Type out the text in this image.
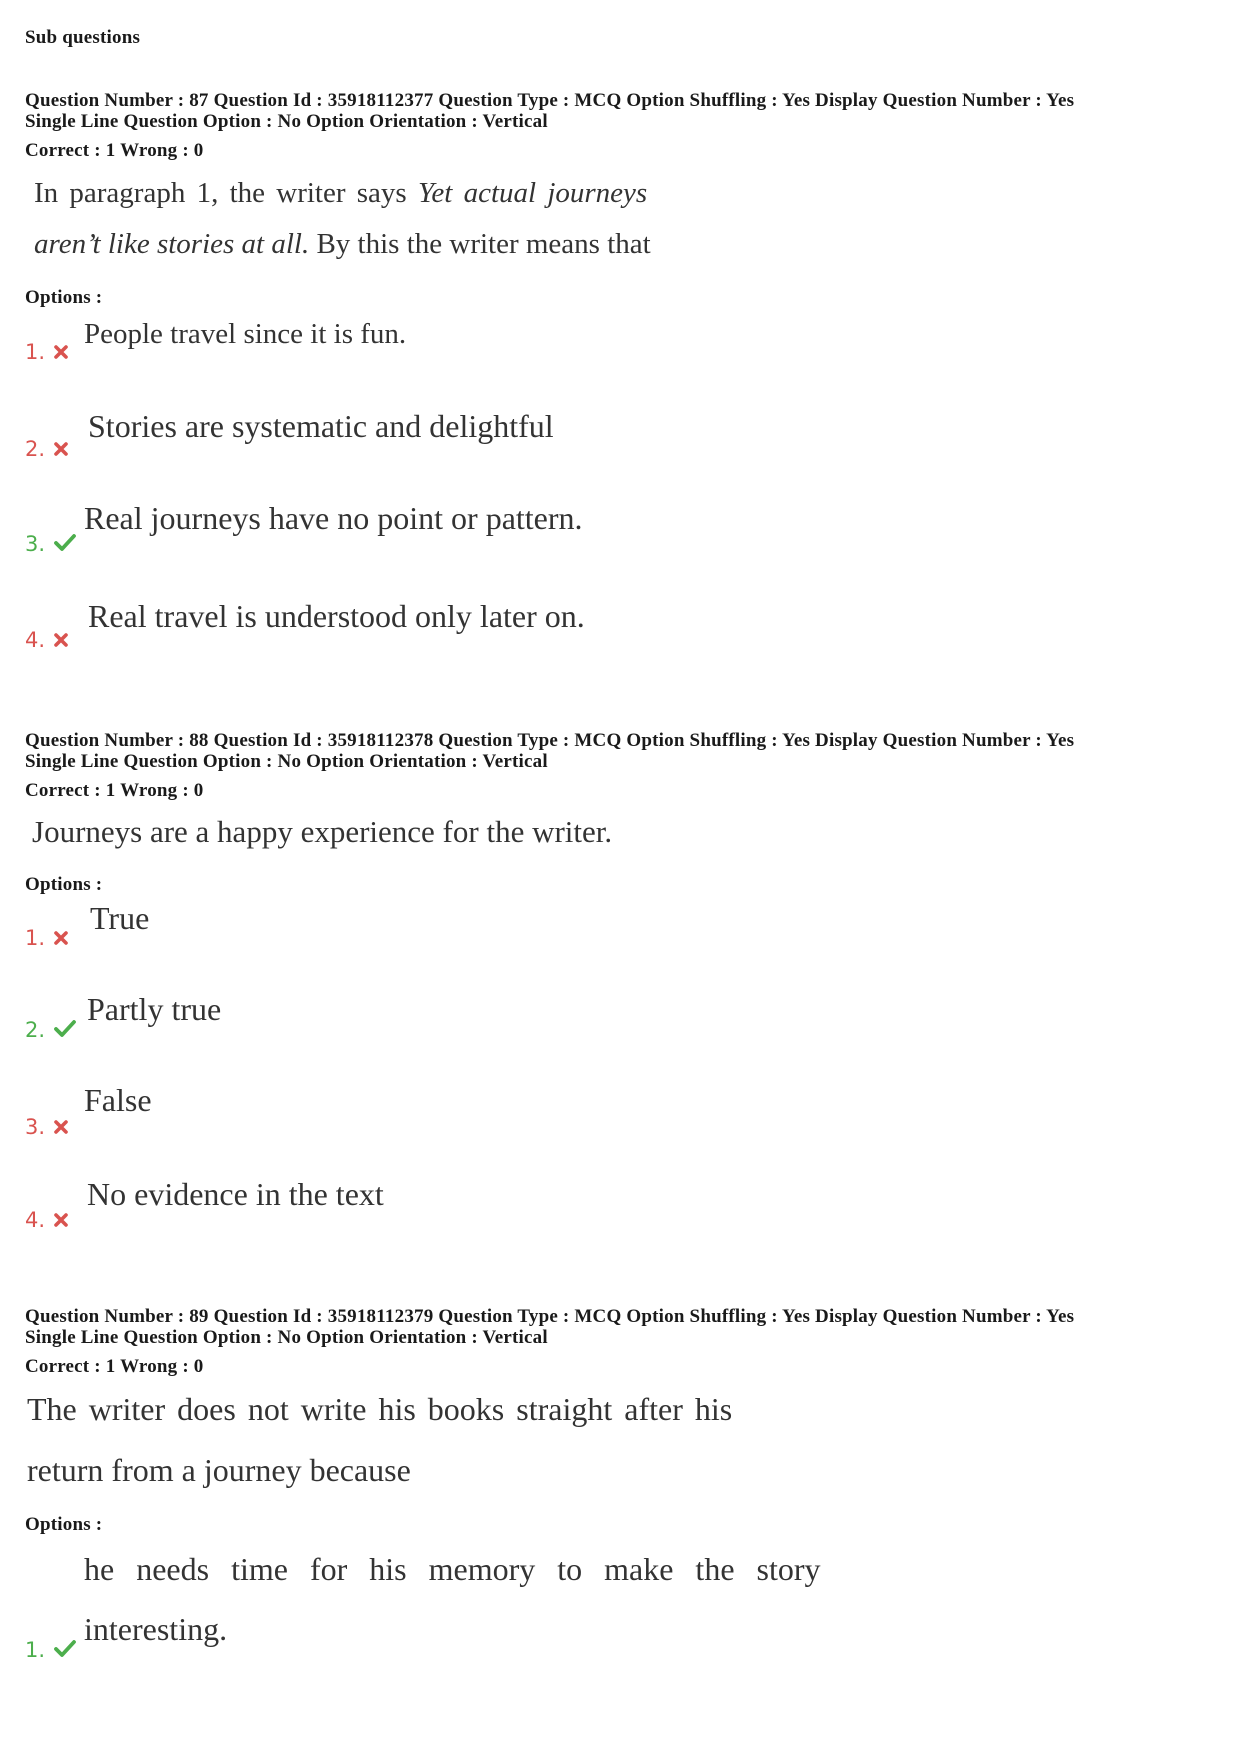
Sub questions
Question Number : 87 Question Id : 35918112377 Question Type : MCQ Option Shuffling : Yes Display Question Number : Yes
Single Line Question Option : No Option Orientation : Vertical
Correct : 1 Wrong : 0
In paragraph 1, the writer says Yet actual journeys
aren’t like stories at all. By this the writer means that
Options :
1.
People travel since it is fun.
2.
Stories are systematic and delightful
3.
Real journeys have no point or pattern.
4.
Real travel is understood only later on.
Question Number : 88 Question Id : 35918112378 Question Type : MCQ Option Shuffling : Yes Display Question Number : Yes
Single Line Question Option : No Option Orientation : Vertical
Correct : 1 Wrong : 0
Journeys are a happy experience for the writer.
Options :
1.
True
2.
Partly true
3.
False
4.
No evidence in the text
Question Number : 89 Question Id : 35918112379 Question Type : MCQ Option Shuffling : Yes Display Question Number : Yes
Single Line Question Option : No Option Orientation : Vertical
Correct : 1 Wrong : 0
The writer does not write his books straight after his
return from a journey because
Options :
he needs time for his memory to make the story
1.
interesting.
